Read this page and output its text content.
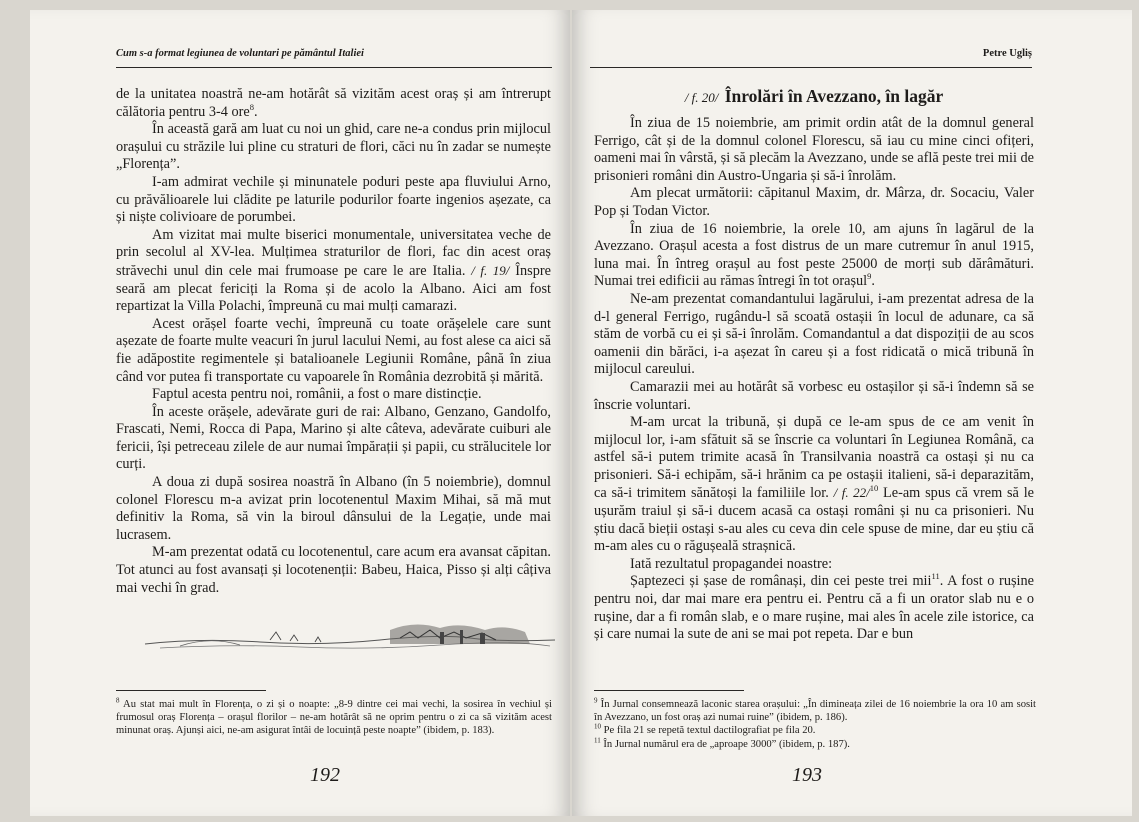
Cum s-a format legiunea de voluntari pe pământul Italiei

de la unitatea noastră ne-am hotărât să vizităm acest oraș și am întrerupt călătoria pentru 3-4 ore$^8$.

În această gară am luat cu noi un ghid, care ne-a condus prin mijlocul orașului cu străzile lui pline cu straturi de flori, căci nu în zadar se numește „Florența”.

I-am admirat vechile și minunatele poduri peste apa fluviului Arno, cu prăvălioarele lui clădite pe laturile podurilor foarte ingenios așezate, ca și niște colivioare de porumbei.

Am vizitat mai multe biserici monumentale, universitatea veche de prin secolul al XV-lea. Mulțimea straturilor de flori, fac din acest oraș străvechi unul din cele mai frumoase pe care le are Italia. / f. 19/ Înspre seară am plecat fericiți la Roma și de acolo la Albano. Aici am fost repartizat la Villa Polachi, împreună cu mai mulți camarazi.

Acest orășel foarte vechi, împreună cu toate orășelele care sunt așezate de foarte multe veacuri în jurul lacului Nemi, au fost alese ca aici să fie adăpostite regimentele și batalioanele Legiunii Române, până în ziua când vor putea fi transportate cu vapoarele în România dezrobită și mărită.

Faptul acesta pentru noi, românii, a fost o mare distincție.

În aceste orășele, adevărate guri de rai: Albano, Genzano, Gandolfo, Frascati, Nemi, Rocca di Papa, Marino și alte câteva, adevărate cuiburi ale fericii, își petreceau zilele de aur numai împărații și papii, cu strălucitele lor curți.

A doua zi după sosirea noastră în Albano (în 5 noiembrie), domnul colonel Florescu m-a avizat prin locotenentul Maxim Mihai, să mă mut definitiv la Roma, să vin la biroul dânsului de la Legație, unde mai lucrasem.

M-am prezentat odată cu locotenentul, care acum era avansat căpitan. Tot atunci au fost avansați și locotenenții: Babeu, Haica, Pisso și alți câțiva mai vechi în grad.

$^8$ Au stat mai mult în Florența, o zi și o noapte: „8-9 dintre cei mai vechi, la sosirea în vechiul și frumosul oraș Florența – orașul florilor – ne-am hotărât să ne oprim pentru o zi ca să vizităm acest minunat oraș. Ajunși aici, ne-am asigurat întâi de locuință peste noapte” (ibidem, p. 183).

192
Petre Ugliș
/ f. 20/ Înrolări în Avezzano, în lagăr

În ziua de 15 noiembrie, am primit ordin atât de la domnul general Ferrigo, cât și de la domnul colonel Florescu, să iau cu mine cinci ofițeri, oameni mai în vârstă, și să plecăm la Avezzano, unde se află peste trei mii de prisonieri români din Austro-Ungaria și să-i înrolăm.

Am plecat următorii: căpitanul Maxim, dr. Mârza, dr. Socaciu, Valer Pop și Todan Victor.

În ziua de 16 noiembrie, la orele 10, am ajuns în lagărul de la Avezzano. Orașul acesta a fost distrus de un mare cutremur în anul 1915, luna mai. În întreg orașul au fost peste 25000 de morți sub dărâmături. Numai trei edificii au rămas întregi în tot orașul$^9$.

Ne-am prezentat comandantului lagărului, i-am prezentat adresa de la d-l general Ferrigo, rugându-l să scoată ostașii în locul de adunare, ca să stăm de vorbă cu ei și să-i înrolăm. Comandantul a dat dispoziții de au scos oamenii din bărăci, i-a așezat în careu și a fost ridicată o mică tribună în mijlocul careului.

Camarazii mei au hotărât să vorbesc eu ostașilor și să-i îndemn să se înscrie voluntari.

M-am urcat la tribună, și după ce le-am spus de ce am venit în mijlocul lor, i-am sfătuit să se înscrie ca voluntari în Legiunea Română, ca astfel să-i putem trimite acasă în Transilvania noastră ca ostași și nu ca prisonieri. Să-i echipăm, să-i hrănim ca pe ostașii italieni, să-i deparazităm, ca să-i trimitem sănătoși la familiile lor. / f. 22/$^{10}$ Le-am spus că vrem să le ușurăm traiul și să-i ducem acasă ca ostași români și nu ca prisonieri. Nu știu dacă bieții ostași s-au ales cu ceva din cele spuse de mine, dar eu știu că m-am ales cu o răgușeală strașnică.

Iată rezultatul propagandei noastre:

Șaptezeci și șase de românași, din cei peste trei mii$^{11}$. A fost o rușine pentru noi, dar mai mare era pentru ei. Pentru că a fi un orator slab nu e o rușine, dar a fi român slab, e o mare rușine, mai ales în acele zile istorice, ca și care numai la sute de ani se mai pot repeta. Dar e bun

$^9$ În Jurnal consemnează laconic starea orașului: „În dimineața zilei de 16 noiembrie la ora 10 am sosit în Avezzano, un fost oraș azi numai ruine” (ibidem, p. 186).

$^{10}$ Pe fila 21 se repetă textul dactilografiat pe fila 20.

$^{11}$ În Jurnal numărul era de „aproape 3000” (ibidem, p. 187).

193
